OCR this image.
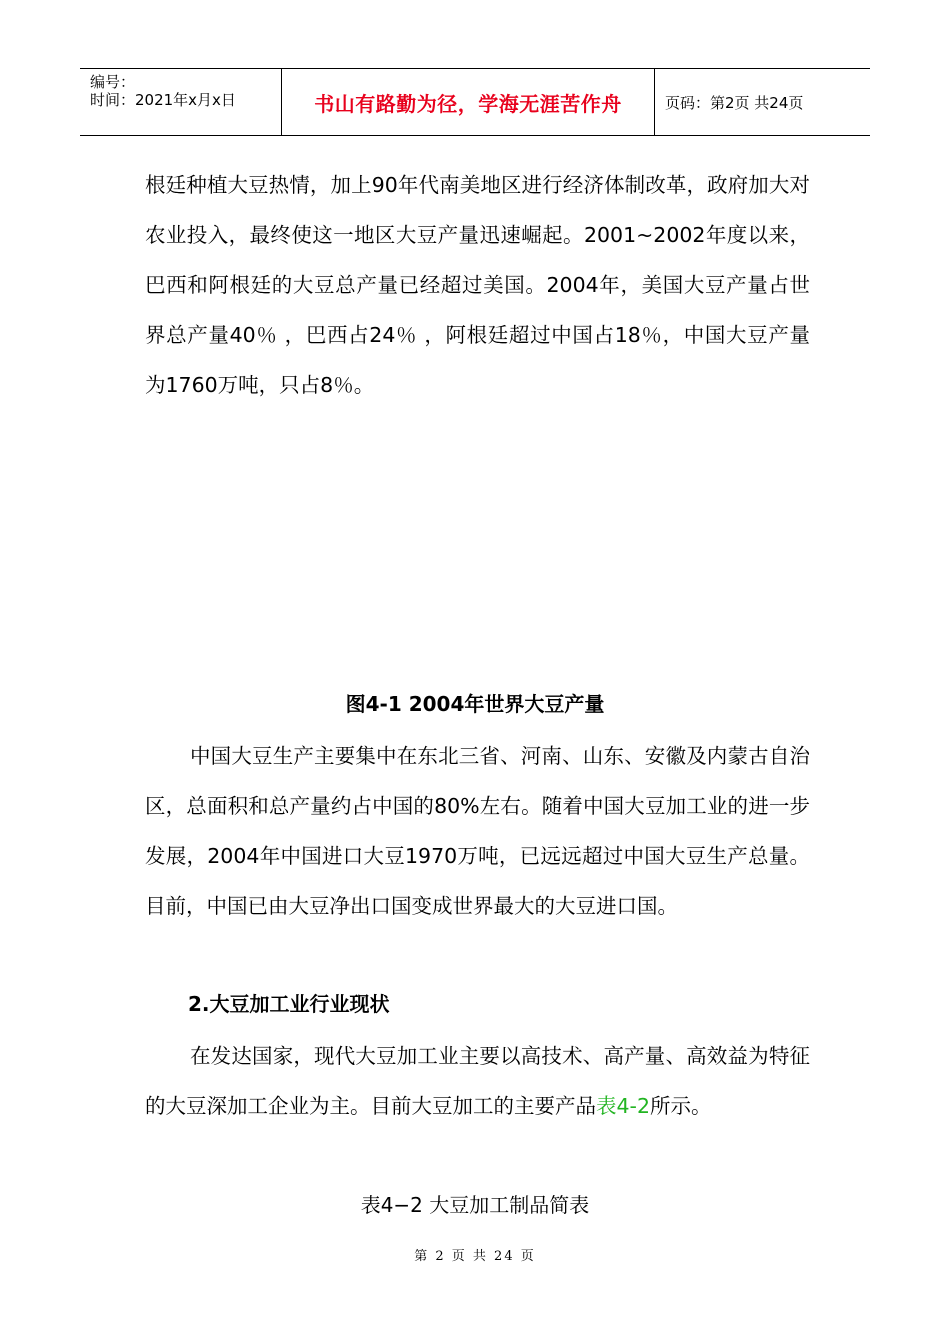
编号：
时间：2021年x月x日	书山有路勤为径，学海无涯苦作舟	页码：第2页 共24页

根廷种植大豆热情，加上90年代南美地区进行经济体制改革，政府加大对农业投入，最终使这一地区大豆产量迅速崛起。2001~2002年度以来，巴西和阿根廷的大豆总产量已经超过美国。2004年，美国大豆产量占世界总产量40％ ，巴西占24％ ，阿根廷超过中国占18％，中国大豆产量为1760万吨，只占8％。

图4-1 2004年世界大豆产量

中国大豆生产主要集中在东北三省、河南、山东、安徽及内蒙古自治区，总面积和总产量约占中国的80%左右。随着中国大豆加工业的进一步发展，2004年中国进口大豆1970万吨，已远远超过中国大豆生产总量。目前，中国已由大豆净出口国变成世界最大的大豆进口国。

2.大豆加工业行业现状

在发达国家，现代大豆加工业主要以高技术、高产量、高效益为特征的大豆深加工企业为主。目前大豆加工的主要产品表4-2所示。

表4−2 大豆加工制品简表
第 2 页 共 24 页
